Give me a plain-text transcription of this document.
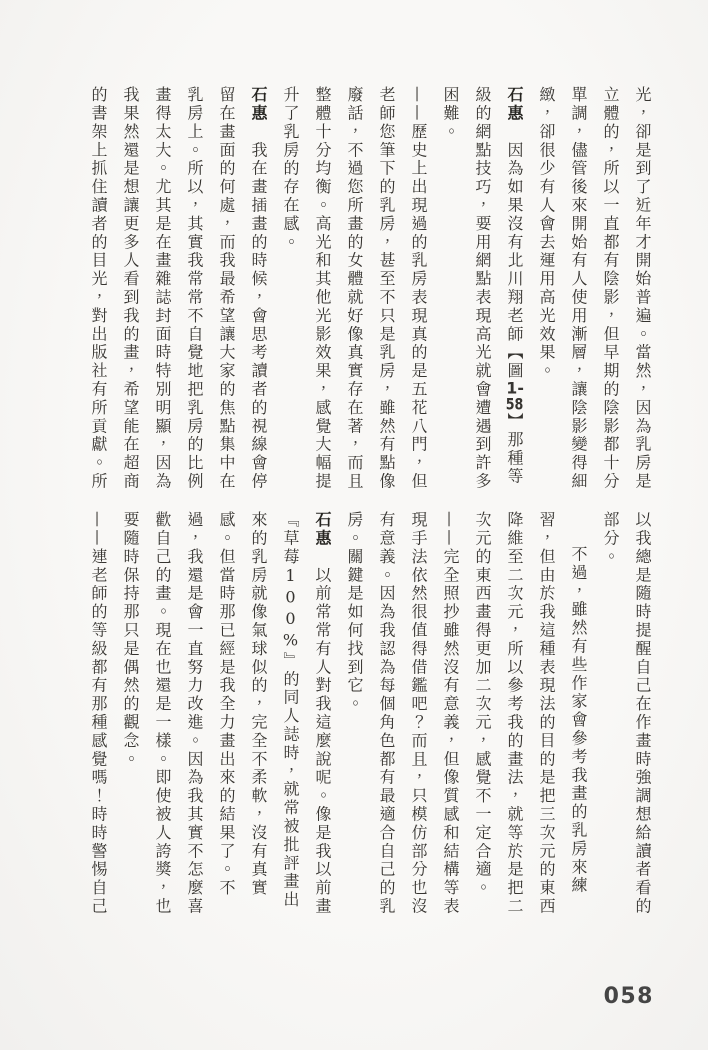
光，卻是到了近年才開始普遍。當然，因為乳房是立體的，所以一直都有陰影，但早期的陰影都十分單調，儘管後來開始有人使用漸層，讓陰影變得細緻，卻很少有人會去運用高光效果。

石惠因為如果沒有北川翔老師【圖1-58】那種等級的網點技巧，要用網點表現高光就會遭遇到許多困難。

——歷史上出現過的乳房表現真的是五花八門，但老師您筆下的乳房，甚至不只是乳房，雖然有點像廢話，不過您所畫的女體就好像真實存在著，而且整體十分均衡。高光和其他光影效果，感覺大幅提升了乳房的存在感。

石惠我在畫插畫的時候，會思考讀者的視線會停留在畫面的何處，而我最希望讓大家的焦點集中在乳房上。所以，其實我常常不自覺地把乳房的比例畫得太大。尤其是在畫雜誌封面時特別明顯，因為我果然還是想讓更多人看到我的畫，希望能在超商的書架上抓住讀者的目光，對出版社有所貢獻。所

以我總是隨時提醒自己在作畫時強調想給讀者看的部分。

　不過，雖然有些作家會參考我畫的乳房來練習，但由於我這種表現法的目的是把三次元的東西降維至二次元，所以參考我的畫法，就等於是把二次元的東西畫得更加二次元，感覺不一定合適。

——完全照抄雖然沒有意義，但像質感和結構等表現手法依然很值得借鑑吧？而且，只模仿部分也沒有意義。因為我認為每個角色都有最適合自己的乳房。關鍵是如何找到它。

石惠以前常常有人對我這麼說呢。像是我以前畫『草莓100%』的同人誌時，就常被批評畫出來的乳房就像氣球似的，完全不柔軟，沒有真實感。但當時那已經是我全力畫出來的結果了。不過，我還是會一直努力改進。因為我其實不怎麼喜歡自己的畫。現在也還是一樣。即使被人誇獎，也要隨時保持那只是偶然的觀念。

——連老師的等級都有那種感覺嗎！時時警惕自己

058
